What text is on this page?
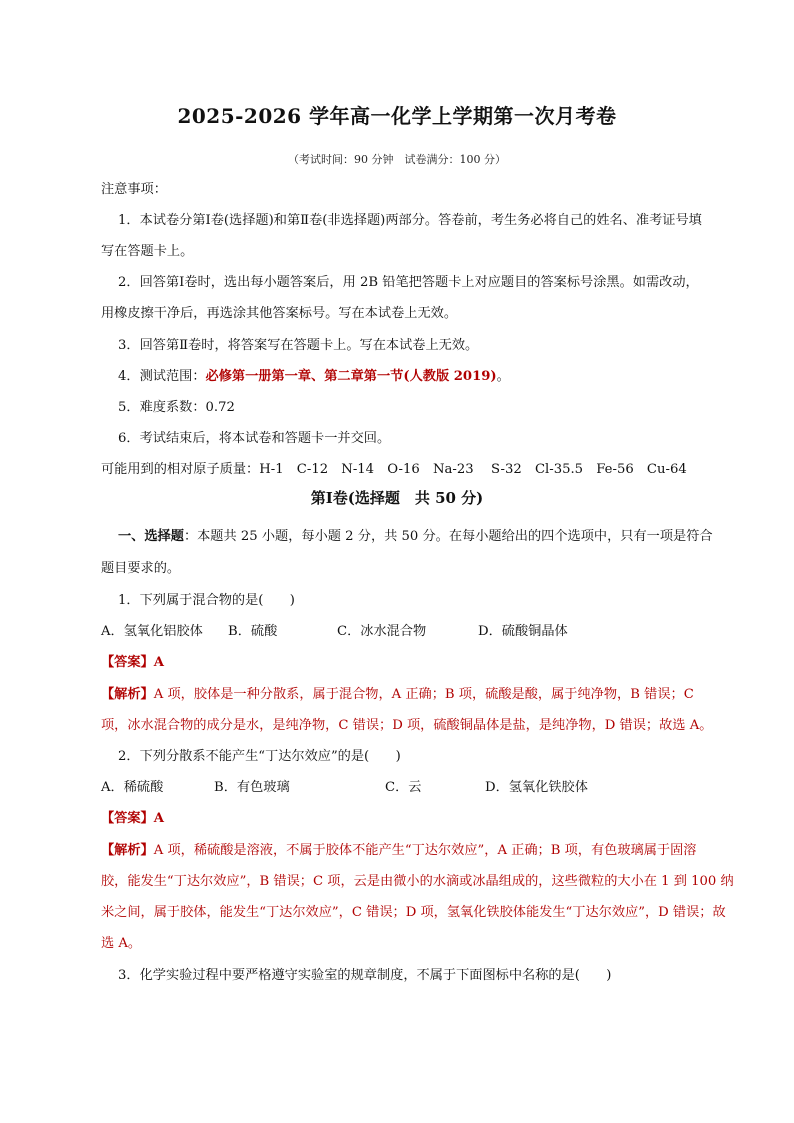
2025-2026 学年高一化学上学期第一次月考卷
（考试时间：90 分钟　试卷满分：100 分）
注意事项：
1．本试卷分第Ⅰ卷(选择题)和第Ⅱ卷(非选择题)两部分。答卷前，考生务必将自己的姓名、准考证号填
写在答题卡上。
2．回答第Ⅰ卷时，选出每小题答案后，用 2B 铅笔把答题卡上对应题目的答案标号涂黑。如需改动，
用橡皮擦干净后，再选涂其他答案标号。写在本试卷上无效。
3．回答第Ⅱ卷时，将答案写在答题卡上。写在本试卷上无效。
4．测试范围：必修第一册第一章、第二章第一节(人教版 2019)。
5．难度系数：0.72
6．考试结束后，将本试卷和答题卡一并交回。
可能用到的相对原子质量：H-1　C-12　N-14　O-16　Na-23　 S-32　Cl-35.5　Fe-56　Cu-64
第Ⅰ卷(选择题　共 50 分)
一、选择题：本题共 25 小题，每小题 2 分，共 50 分。在每小题给出的四个选项中，只有一项是符合
题目要求的。
1．下列属于混合物的是(　　)
A．氢氧化铝胶体 B．硫酸	C．冰水混合物	D．硫酸铜晶体
【答案】A
【解析】A 项，胶体是一种分散系，属于混合物，A 正确；B 项，硫酸是酸，属于纯净物，B 错误；C
项，冰水混合物的成分是水，是纯净物，C 错误；D 项，硫酸铜晶体是盐，是纯净物，D 错误；故选 A。
2．下列分散系不能产生“丁达尔效应”的是(　　)
A．稀硫酸	B．有色玻璃	C．云	D．氢氧化铁胶体
【答案】A
【解析】A 项，稀硫酸是溶液，不属于胶体不能产生“丁达尔效应”，A 正确；B 项，有色玻璃属于固溶
胶，能发生“丁达尔效应”，B 错误；C 项，云是由微小的水滴或冰晶组成的，这些微粒的大小在 1 到 100 纳
米之间，属于胶体，能发生“丁达尔效应”，C 错误；D 项，氢氧化铁胶体能发生“丁达尔效应”，D 错误；故
选 A。
3．化学实验过程中要严格遵守实验室的规章制度，不属于下面图标中名称的是(　　)
